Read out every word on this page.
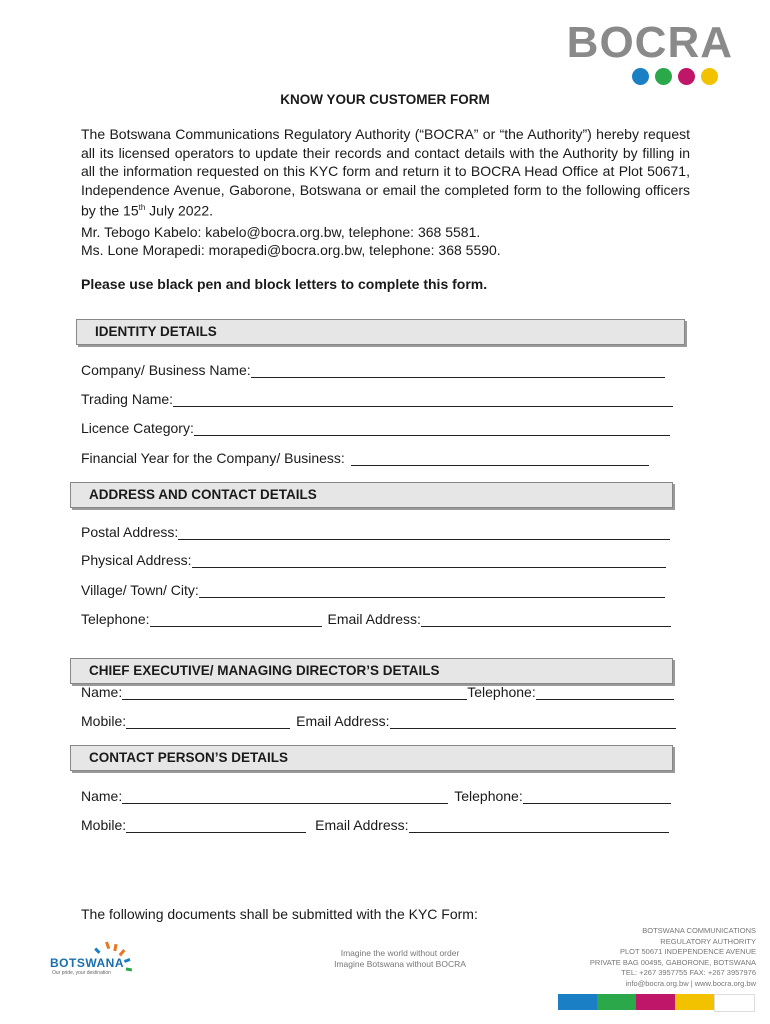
BOCRA
KNOW YOUR CUSTOMER FORM
The Botswana Communications Regulatory Authority (“BOCRA” or “the Authority”) hereby request all its licensed operators to update their records and contact details with the Authority by filling in all the information requested on this KYC form and return it to BOCRA Head Office at Plot 50671, Independence Avenue, Gaborone, Botswana or email the completed form to the following officers by the 15th July 2022.
Mr. Tebogo Kabelo: kabelo@bocra.org.bw, telephone: 368 5581.
Ms. Lone Morapedi: morapedi@bocra.org.bw, telephone: 368 5590.
Please use black pen and block letters to complete this form.
IDENTITY DETAILS
Company/ Business Name:
Trading Name:
Licence Category:
Financial Year for the Company/ Business:
ADDRESS AND CONTACT DETAILS
Postal Address:
Physical Address:
Village/ Town/ City:
Telephone:	Email Address:
CHIEF EXECUTIVE/ MANAGING DIRECTOR’S DETAILS
Name:	Telephone:
Mobile:	Email Address:
CONTACT PERSON’S DETAILS
Name:	Telephone:
Mobile:	Email Address:
The following documents shall be submitted with the KYC Form:
BOTSWANA
Our pride, your destination
Imagine the world without order
Imagine Botswana without BOCRA
BOTSWANA COMMUNICATIONS
REGULATORY AUTHORITY
PLOT 50671 INDEPENDENCE AVENUE
PRIVATE BAG 00495, GABORONE, BOTSWANA
TEL: +267 3957755 FAX: +267 3957976
info@bocra.org.bw | www.bocra.org.bw
